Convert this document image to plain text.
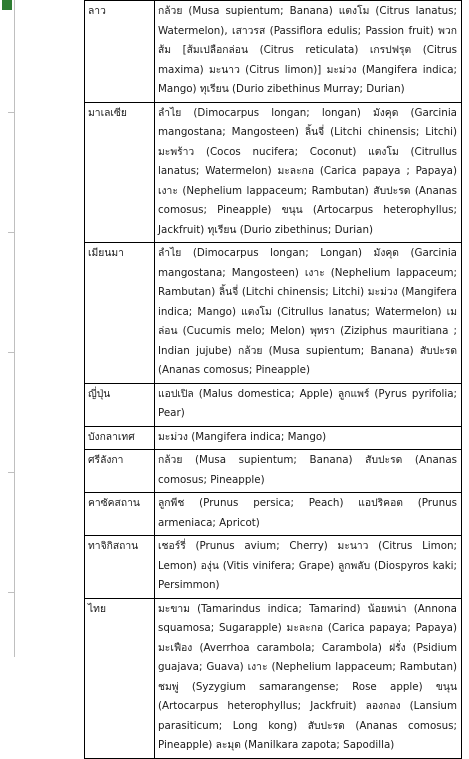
ลาว	กล้วย (Musa supientum; Banana) แตงโม (Citrus lanatus; Watermelon), เสาวรส (Passiflora edulis; Passion fruit) พวกส้ม [ส้มเปลือกล่อน (Citrus reticulata) เกรปฟรุต (Citrus maxima) มะนาว (Citrus limon)] มะม่วง (Mangifera indica; Mango) ทุเรียน (Durio zibethinus Murray; Durian)
มาเลเซีย	ลำไย (Dimocarpus longan; longan) มังคุด (Garcinia mangostana; Mangosteen) ลิ้นจี่ (Litchi chinensis; Litchi) มะพร้าว (Cocos nucifera; Coconut) แตงโม (Citrullus lanatus; Watermelon) มะละกอ (Carica papaya ; Papaya) เงาะ (Nephelium lappaceum; Rambutan) สับปะรด (Ananas comosus; Pineapple) ขนุน (Artocarpus heterophyllus; Jackfruit) ทุเรียน (Durio zibethinus; Durian)
เมียนมา	ลำไย (Dimocarpus longan; Longan) มังคุด (Garcinia mangostana; Mangosteen) เงาะ (Nephelium lappaceum; Rambutan) ลิ้นจี่ (Litchi chinensis; Litchi) มะม่วง (Mangifera indica; Mango) แตงโม (Citrullus lanatus; Watermelon) เมล่อน (Cucumis melo; Melon) พุทรา (Ziziphus mauritiana ; Indian jujube) กล้วย (Musa supientum; Banana) สับปะรด (Ananas comosus; Pineapple)
ญี่ปุ่น	แอปเปิล (Malus domestica; Apple) ลูกแพร์ (Pyrus pyrifolia; Pear)
บังกลาเทศ	มะม่วง (Mangifera indica; Mango)
ศรีลังกา	กล้วย (Musa supientum; Banana) สับปะรด (Ananas comosus; Pineapple)
คาซัคสถาน	ลูกพีช (Prunus persica; Peach) แอปริคอต (Prunus armeniaca; Apricot)
ทาจิกิสถาน	เชอร์รี่ (Prunus avium; Cherry) มะนาว (Citrus Limon; Lemon) องุ่น (Vitis vinifera; Grape) ลูกพลับ (Diospyros kaki; Persimmon)
ไทย	มะขาม (Tamarindus indica; Tamarind) น้อยหน่า (Annona squamosa; Sugarapple) มะละกอ (Carica papaya; Papaya) มะเฟือง (Averrhoa carambola; Carambola) ฝรั่ง (Psidium guajava; Guava) เงาะ (Nephelium lappaceum; Rambutan) ชมพู่ (Syzygium samarangense; Rose apple) ขนุน (Artocarpus heterophyllus; Jackfruit) ลองกอง (Lansium parasiticum; Long kong) สับปะรด (Ananas comosus; Pineapple) ละมุด (Manilkara zapota; Sapodilla)
